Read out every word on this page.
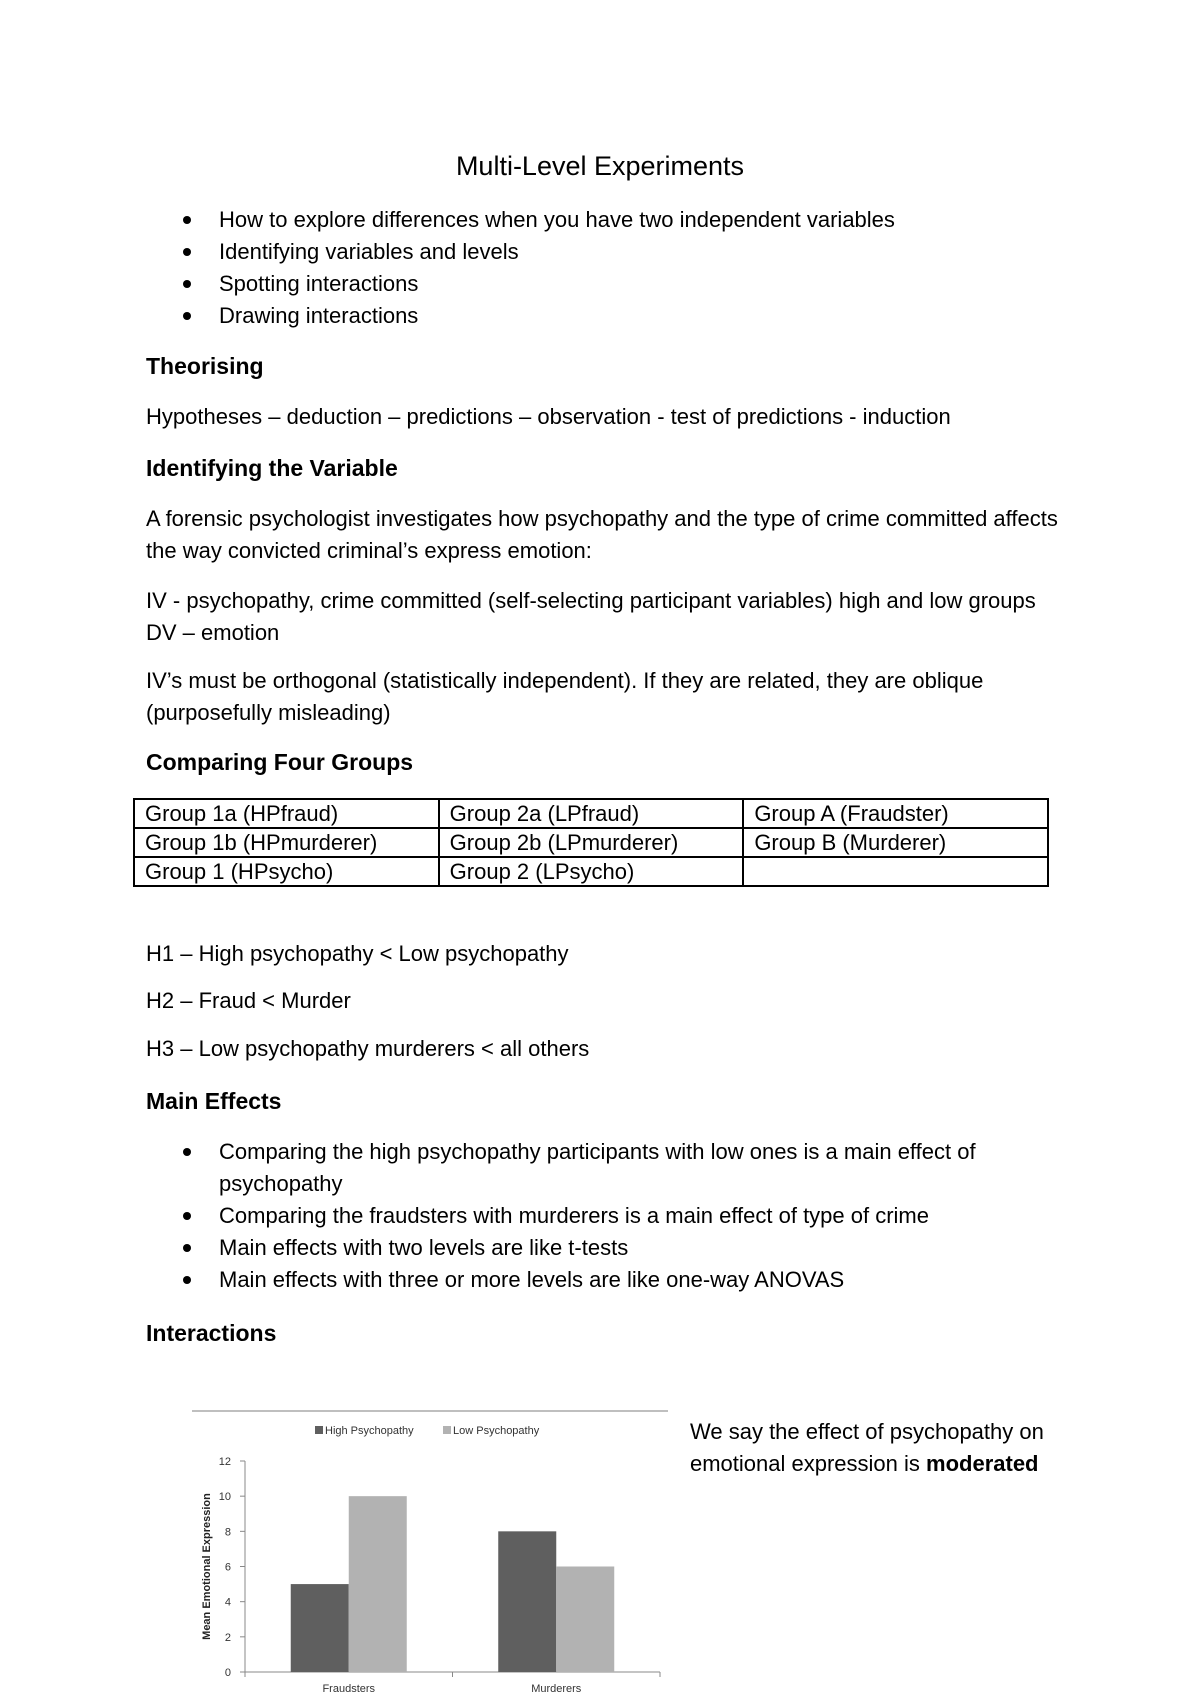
Multi-Level Experiments
How to explore differences when you have two independent variables
Identifying variables and levels
Spotting interactions
Drawing interactions
Theorising
Hypotheses – deduction – predictions – observation - test of predictions - induction
Identifying the Variable
A forensic psychologist investigates how psychopathy and the type of crime committed affects the way convicted criminal’s express emotion:
IV - psychopathy, crime committed (self-selecting participant variables) high and low groups
DV – emotion
IV’s must be orthogonal (statistically independent). If they are related, they are oblique (purposefully misleading)
Comparing Four Groups
Group 1a (HPfraud)	Group 2a (LPfraud)	Group A (Fraudster)
Group 1b (HPmurderer)	Group 2b (LPmurderer)	Group B (Murderer)
Group 1 (HPsycho)	Group 2 (LPsycho)	
H1 – High psychopathy < Low psychopathy
H2 – Fraud < Murder
H3 – Low psychopathy murderers < all others
Main Effects
Comparing the high psychopathy participants with low ones is a main effect of psychopathy
Comparing the fraudsters with murderers is a main effect of type of crime
Main effects with two levels are like t-tests
Main effects with three or more levels are like one-way ANOVAS
Interactions
High Psychopathy	Low Psychopathy
0
2
4
6
8
10
12
Mean Emotional Expression
Fraudsters	Murderers
We say the effect of psychopathy on emotional expression is moderated
